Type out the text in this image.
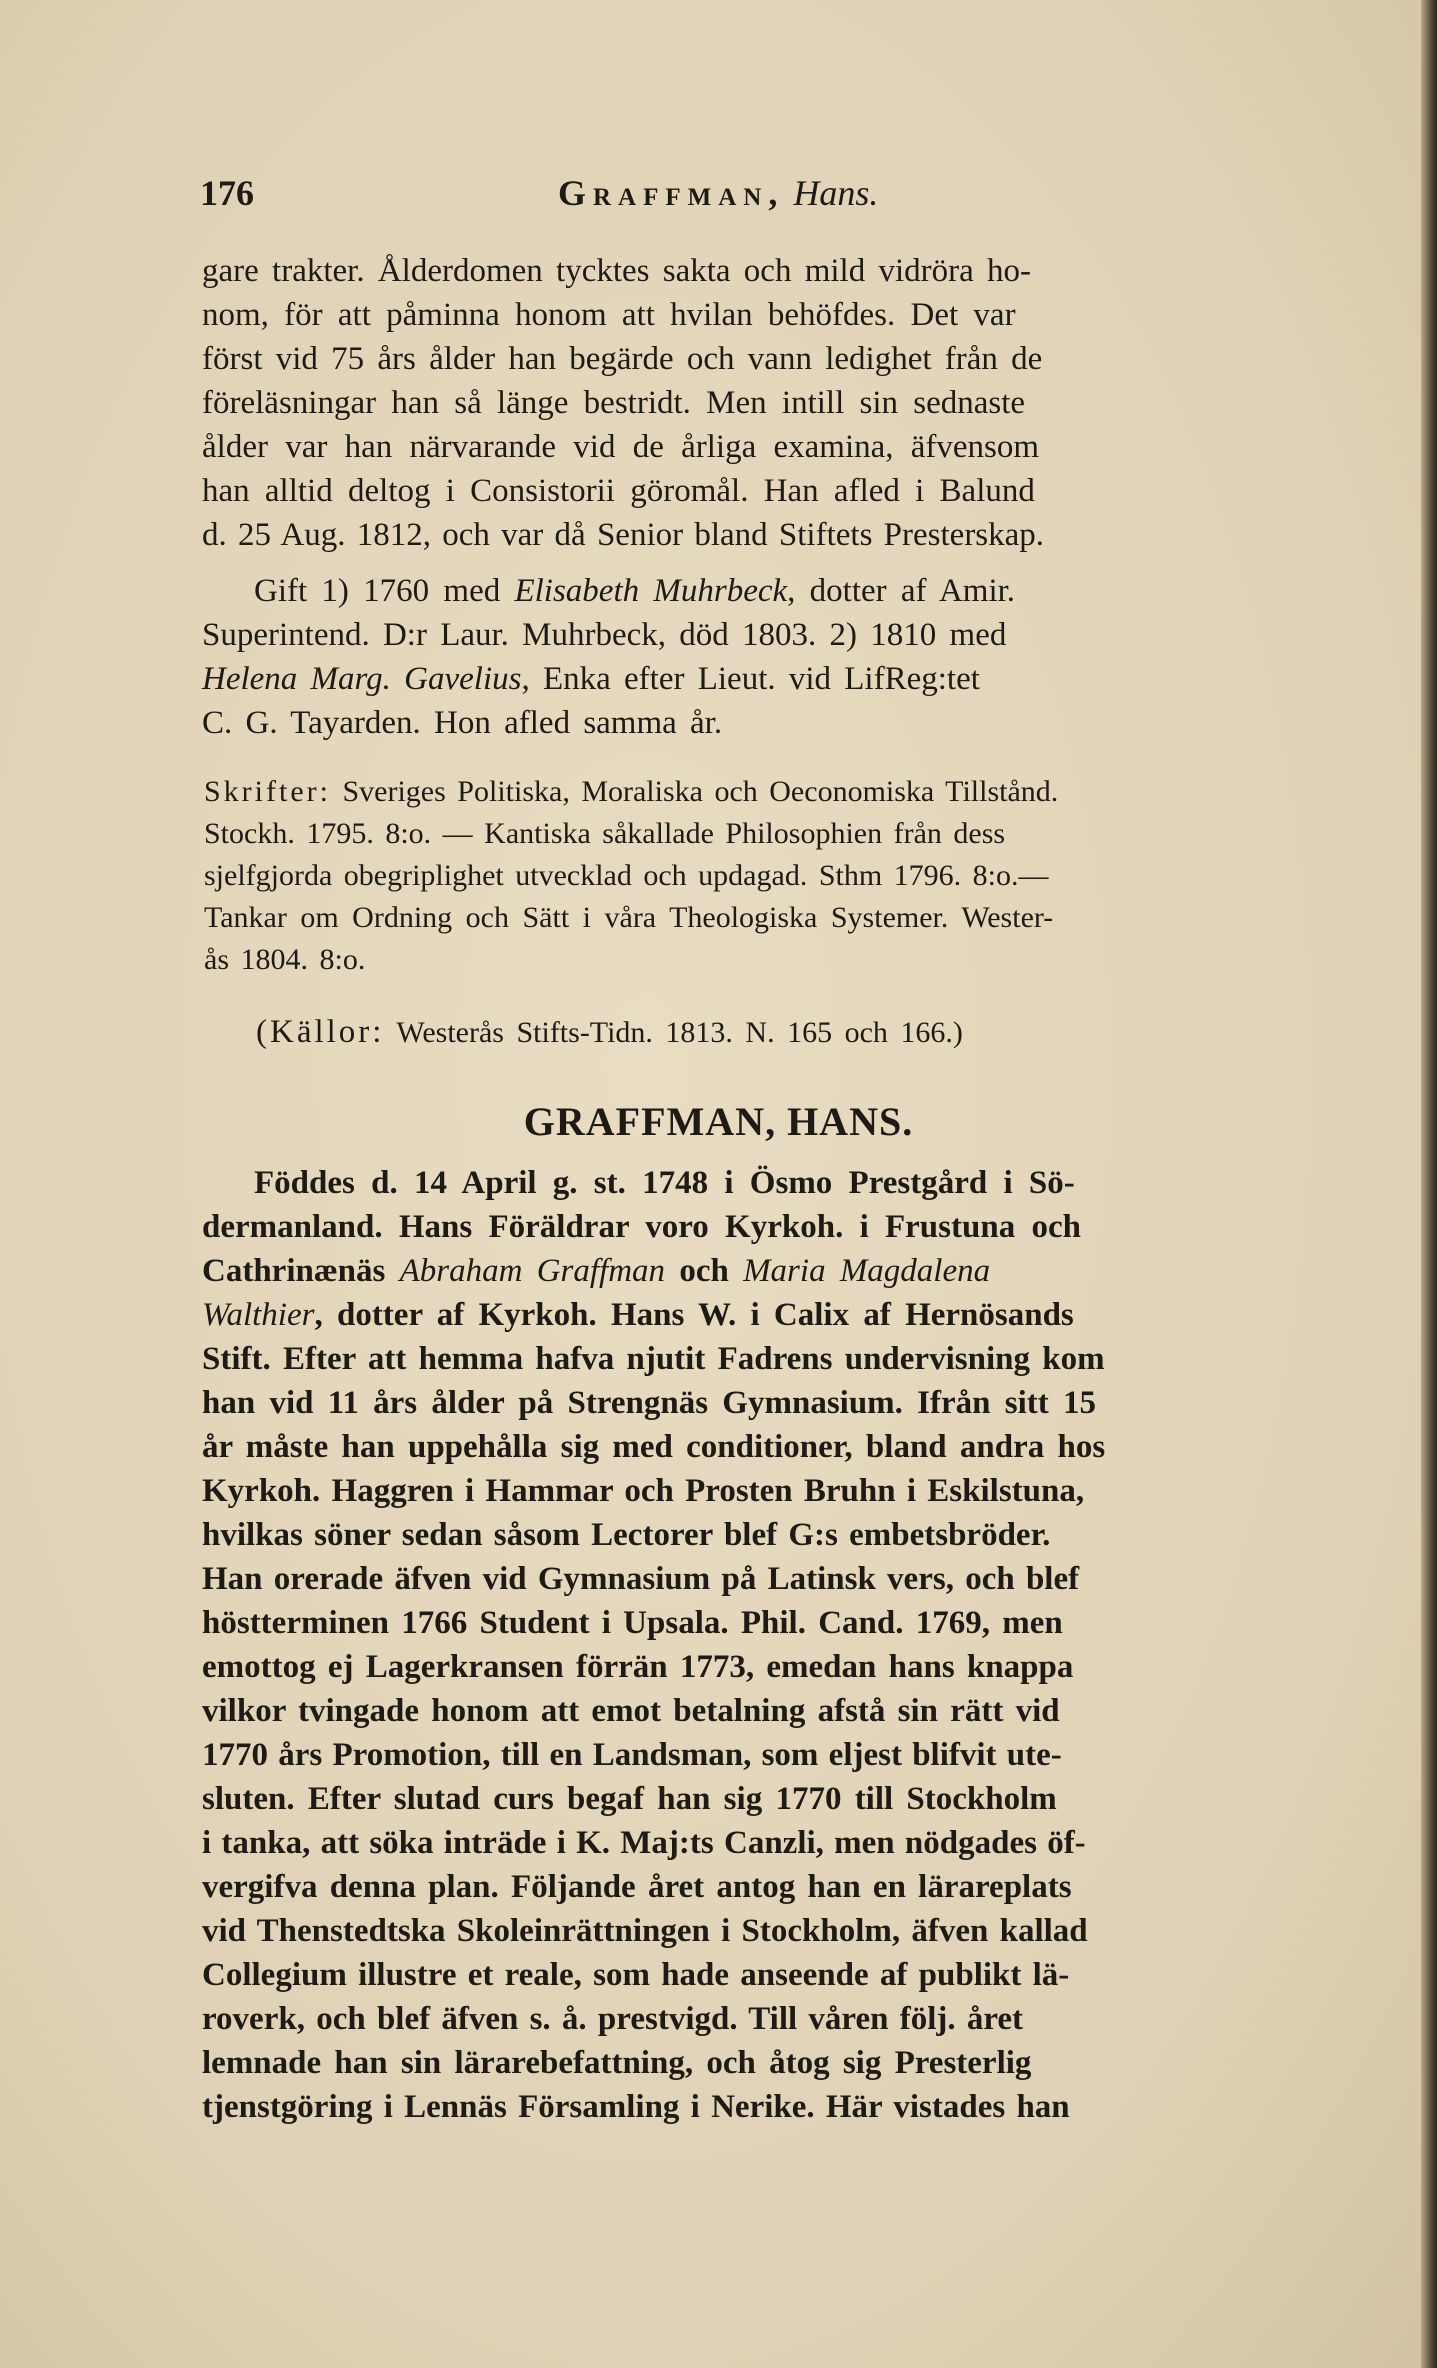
176	Graffman, Hans.
gare trakter. Ålderdomen tycktes sakta och mild vidröra ho-
nom, för att påminna honom att hvilan behöfdes. Det var
först vid 75 års ålder han begärde och vann ledighet från de
föreläsningar han så länge bestridt. Men intill sin sednaste
ålder var han närvarande vid de årliga examina, äfvensom
han alltid deltog i Consistorii göromål. Han afled i Balund
d. 25 Aug. 1812, och var då Senior bland Stiftets Presterskap.
Gift 1) 1760 med Elisabeth Muhrbeck, dotter af Amir.
Superintend. D:r Laur. Muhrbeck, död 1803. 2) 1810 med
Helena Marg. Gavelius, Enka efter Lieut. vid LifReg:tet
C. G. Tayarden. Hon afled samma år.
Skrifter: Sveriges Politiska, Moraliska och Oeconomiska Tillstånd.
Stockh. 1795. 8:o. — Kantiska såkallade Philosophien från dess
sjelfgjorda obegriplighet utvecklad och updagad. Sthm 1796. 8:o.—
Tankar om Ordning och Sätt i våra Theologiska Systemer. Wester-
ås 1804. 8:o.
(Källor: Westerås Stifts-Tidn. 1813. N. 165 och 166.)
GRAFFMAN, HANS.
Föddes d. 14 April g. st. 1748 i Ösmo Prestgård i Sö-
dermanland. Hans Föräldrar voro Kyrkoh. i Frustuna och
Cathrinænäs Abraham Graffman och Maria Magdalena
Walthier, dotter af Kyrkoh. Hans W. i Calix af Hernösands
Stift. Efter att hemma hafva njutit Fadrens undervisning kom
han vid 11 års ålder på Strengnäs Gymnasium. Ifrån sitt 15
år måste han uppehålla sig med conditioner, bland andra hos
Kyrkoh. Haggren i Hammar och Prosten Bruhn i Eskilstuna,
hvilkas söner sedan såsom Lectorer blef G:s embetsbröder.
Han orerade äfven vid Gymnasium på Latinsk vers, och blef
höstterminen 1766 Student i Upsala. Phil. Cand. 1769, men
emottog ej Lagerkransen förrän 1773, emedan hans knappa
vilkor tvingade honom att emot betalning afstå sin rätt vid
1770 års Promotion, till en Landsman, som eljest blifvit ute-
sluten. Efter slutad curs begaf han sig 1770 till Stockholm
i tanka, att söka inträde i K. Maj:ts Canzli, men nödgades öf-
vergifva denna plan. Följande året antog han en lärareplats
vid Thenstedtska Skoleinrättningen i Stockholm, äfven kallad
Collegium illustre et reale, som hade anseende af publikt lä-
roverk, och blef äfven s. å. prestvigd. Till våren följ. året
lemnade han sin lärarebefattning, och åtog sig Presterlig
tjenstgöring i Lennäs Församling i Nerike. Här vistades han
